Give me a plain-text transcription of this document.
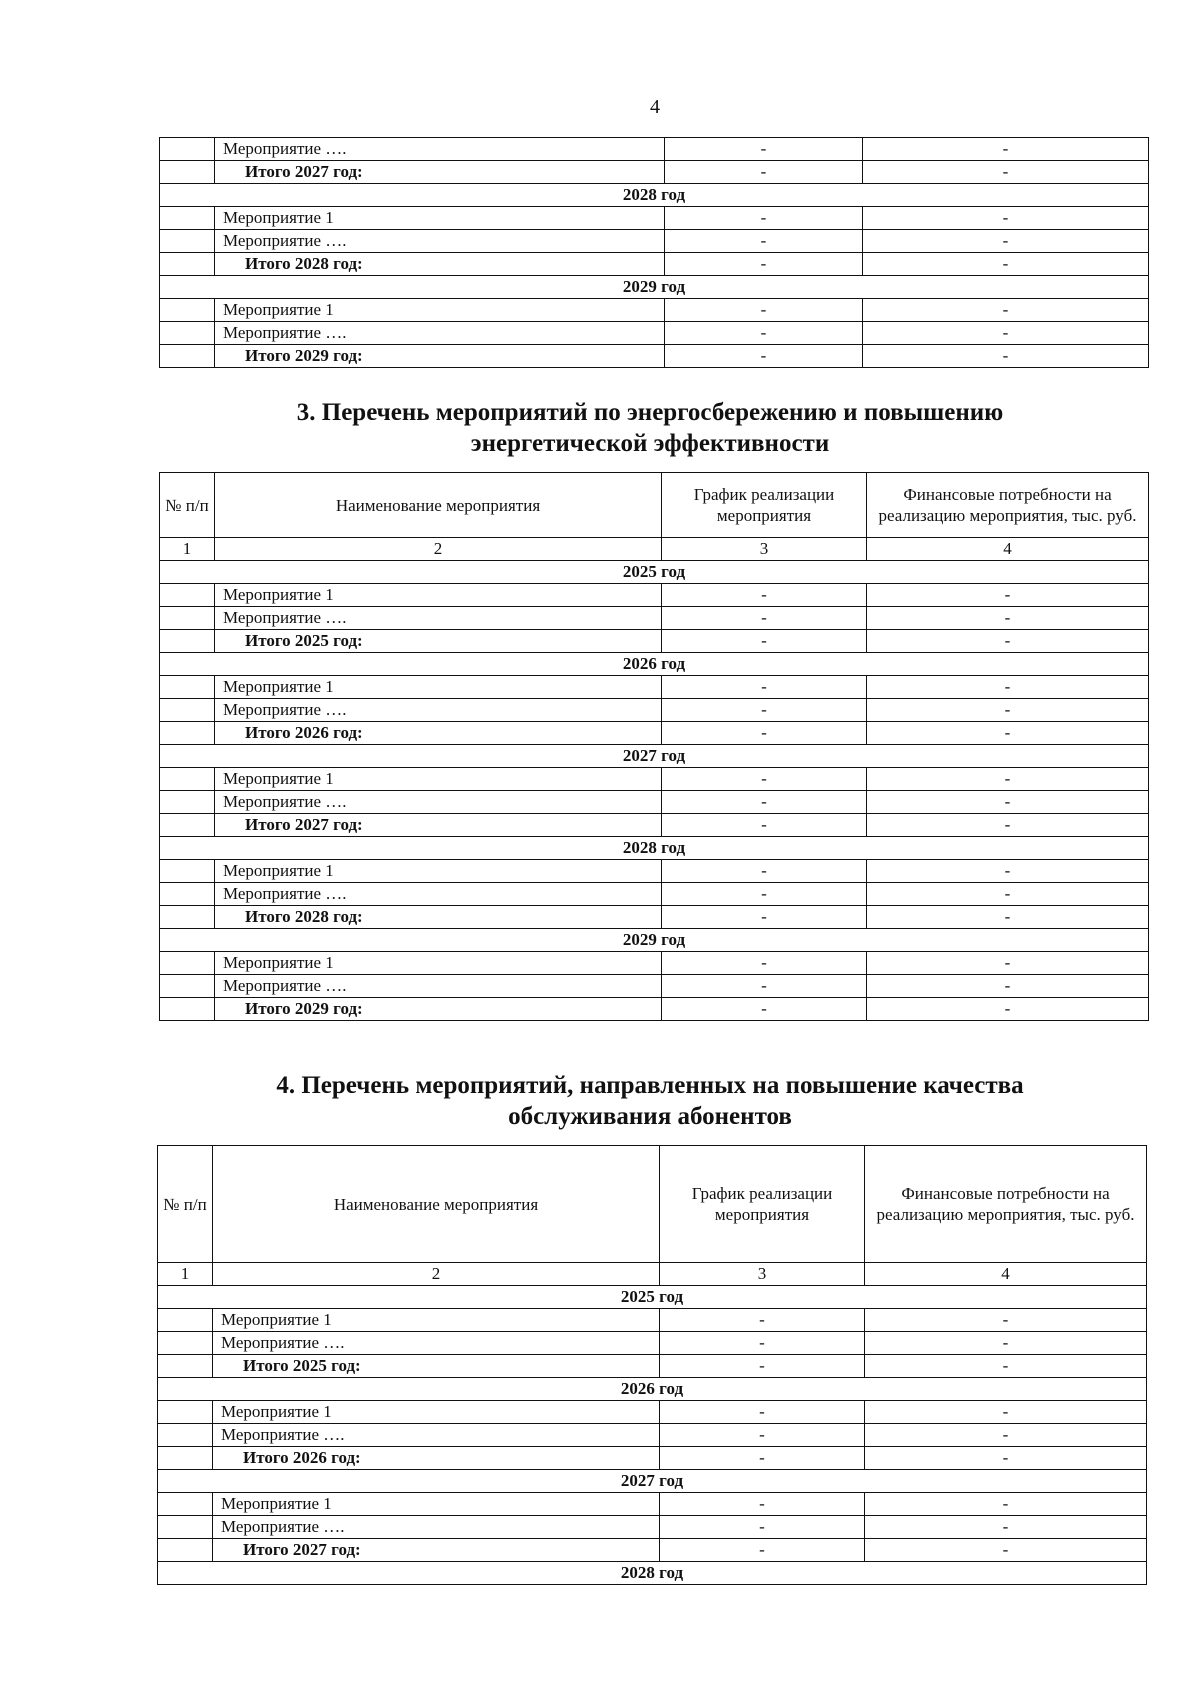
4
	Мероприятие ….	-	-
	Итого 2027 год:	-	-
2028 год			
	Мероприятие 1	-	-
	Мероприятие ….	-	-
	Итого 2028 год:	-	-
2029 год			
	Мероприятие 1	-	-
	Мероприятие ….	-	-
	Итого 2029 год:	-	-
3. Перечень мероприятий по энергосбережению и повышению
энергетической эффективности
№ п/п	Наименование мероприятия	График реализации мероприятия	Финансовые потребности на реализацию мероприятия, тыс. руб.
1	2	3	4
2025 год			
	Мероприятие 1	-	-
	Мероприятие ….	-	-
	Итого 2025 год:	-	-
2026 год			
	Мероприятие 1	-	-
	Мероприятие ….	-	-
	Итого 2026 год:	-	-
2027 год			
	Мероприятие 1	-	-
	Мероприятие ….	-	-
	Итого 2027 год:	-	-
2028 год			
	Мероприятие 1	-	-
	Мероприятие ….	-	-
	Итого 2028 год:	-	-
2029 год			
	Мероприятие 1	-	-
	Мероприятие ….	-	-
	Итого 2029 год:	-	-
4. Перечень мероприятий, направленных на повышение качества
обслуживания абонентов
№ п/п	Наименование мероприятия	График реализации мероприятия	Финансовые потребности на реализацию мероприятия, тыс. руб.
1	2	3	4
2025 год			
	Мероприятие 1	-	-
	Мероприятие ….	-	-
	Итого 2025 год:	-	-
2026 год			
	Мероприятие 1	-	-
	Мероприятие ….	-	-
	Итого 2026 год:	-	-
2027 год			
	Мероприятие 1	-	-
	Мероприятие ….	-	-
	Итого 2027 год:	-	-
2028 год			
